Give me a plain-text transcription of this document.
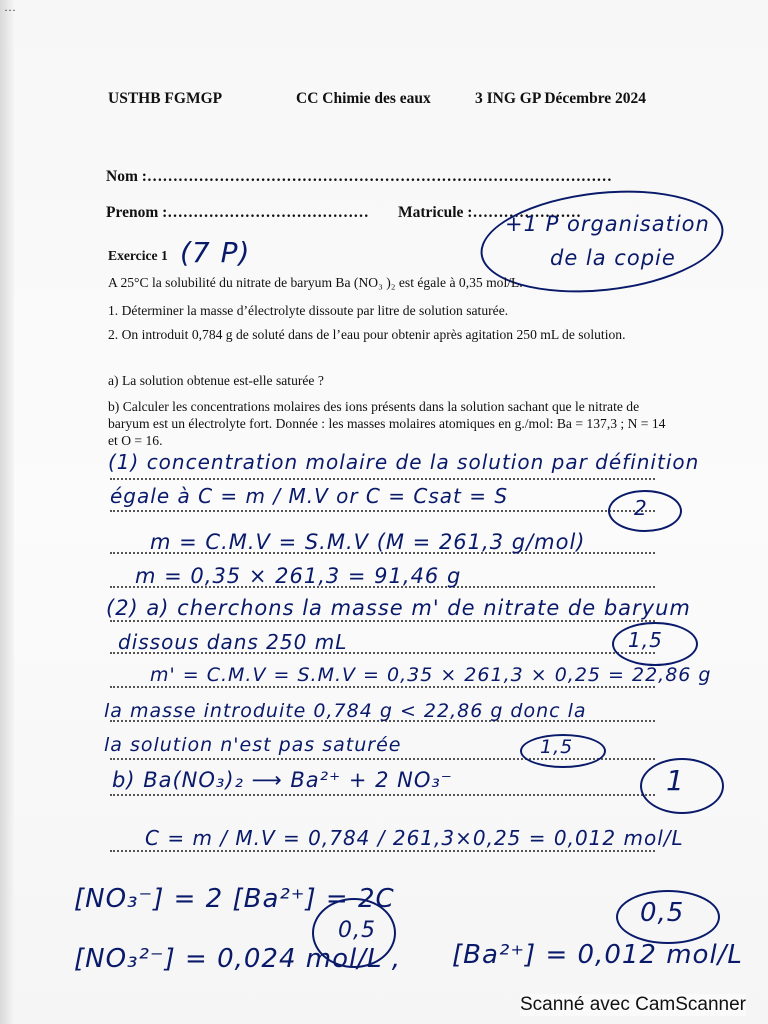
…
USTHB FGMGP	CC Chimie des eaux	3 ING GP Décembre 2024
Nom :………………………………………………………………………………
Prenom :………………………………… Matricule :…………………
+1 P organisation
de la copie
Exercice 1 (7 P)
A 25°C la solubilité du nitrate de baryum Ba (NO₃ )₂ est égale à 0,35 mol/L.
1. Déterminer la masse d’électrolyte dissoute par litre de solution saturée.
2. On introduit 0,784 g de soluté dans de l’eau pour obtenir après agitation 250 mL de solution.
a) La solution obtenue est-elle saturée ?
b) Calculer les concentrations molaires des ions présents dans la solution sachant que le nitrate de baryum est un électrolyte fort. Donnée : les masses molaires atomiques en g./mol: Ba = 137,3 ; N = 14 et O = 16.
(1) concentration molaire de la solution par définition
égale à C = m / M.V or C = Csat = S	2
m = C.M.V = S.M.V (M = 261,3 g/mol)
m = 0,35 × 261,3 = 91,46 g
(2) a) cherchons la masse m' de nitrate de baryum
dissous dans 250 mL	1,5
m' = C.M.V = S.M.V = 0,35 × 261,3 × 0,25 = 22,86 g
la masse introduite 0,784 g < 22,86 g donc la
la solution n'est pas saturée	1,5
b) Ba(NO₃)₂ ⟶ Ba²⁺ + 2 NO₃⁻	1
C = m / M.V = 0,784 / 261,3×0,25 = 0,012 mol/L
[NO₃⁻] = 2 [Ba²⁺] = 2C
0,5
0,5
[NO₃²⁻] = 0,024 mol/L , [Ba²⁺] = 0,012 mol/L
Scanné avec CamScanner
